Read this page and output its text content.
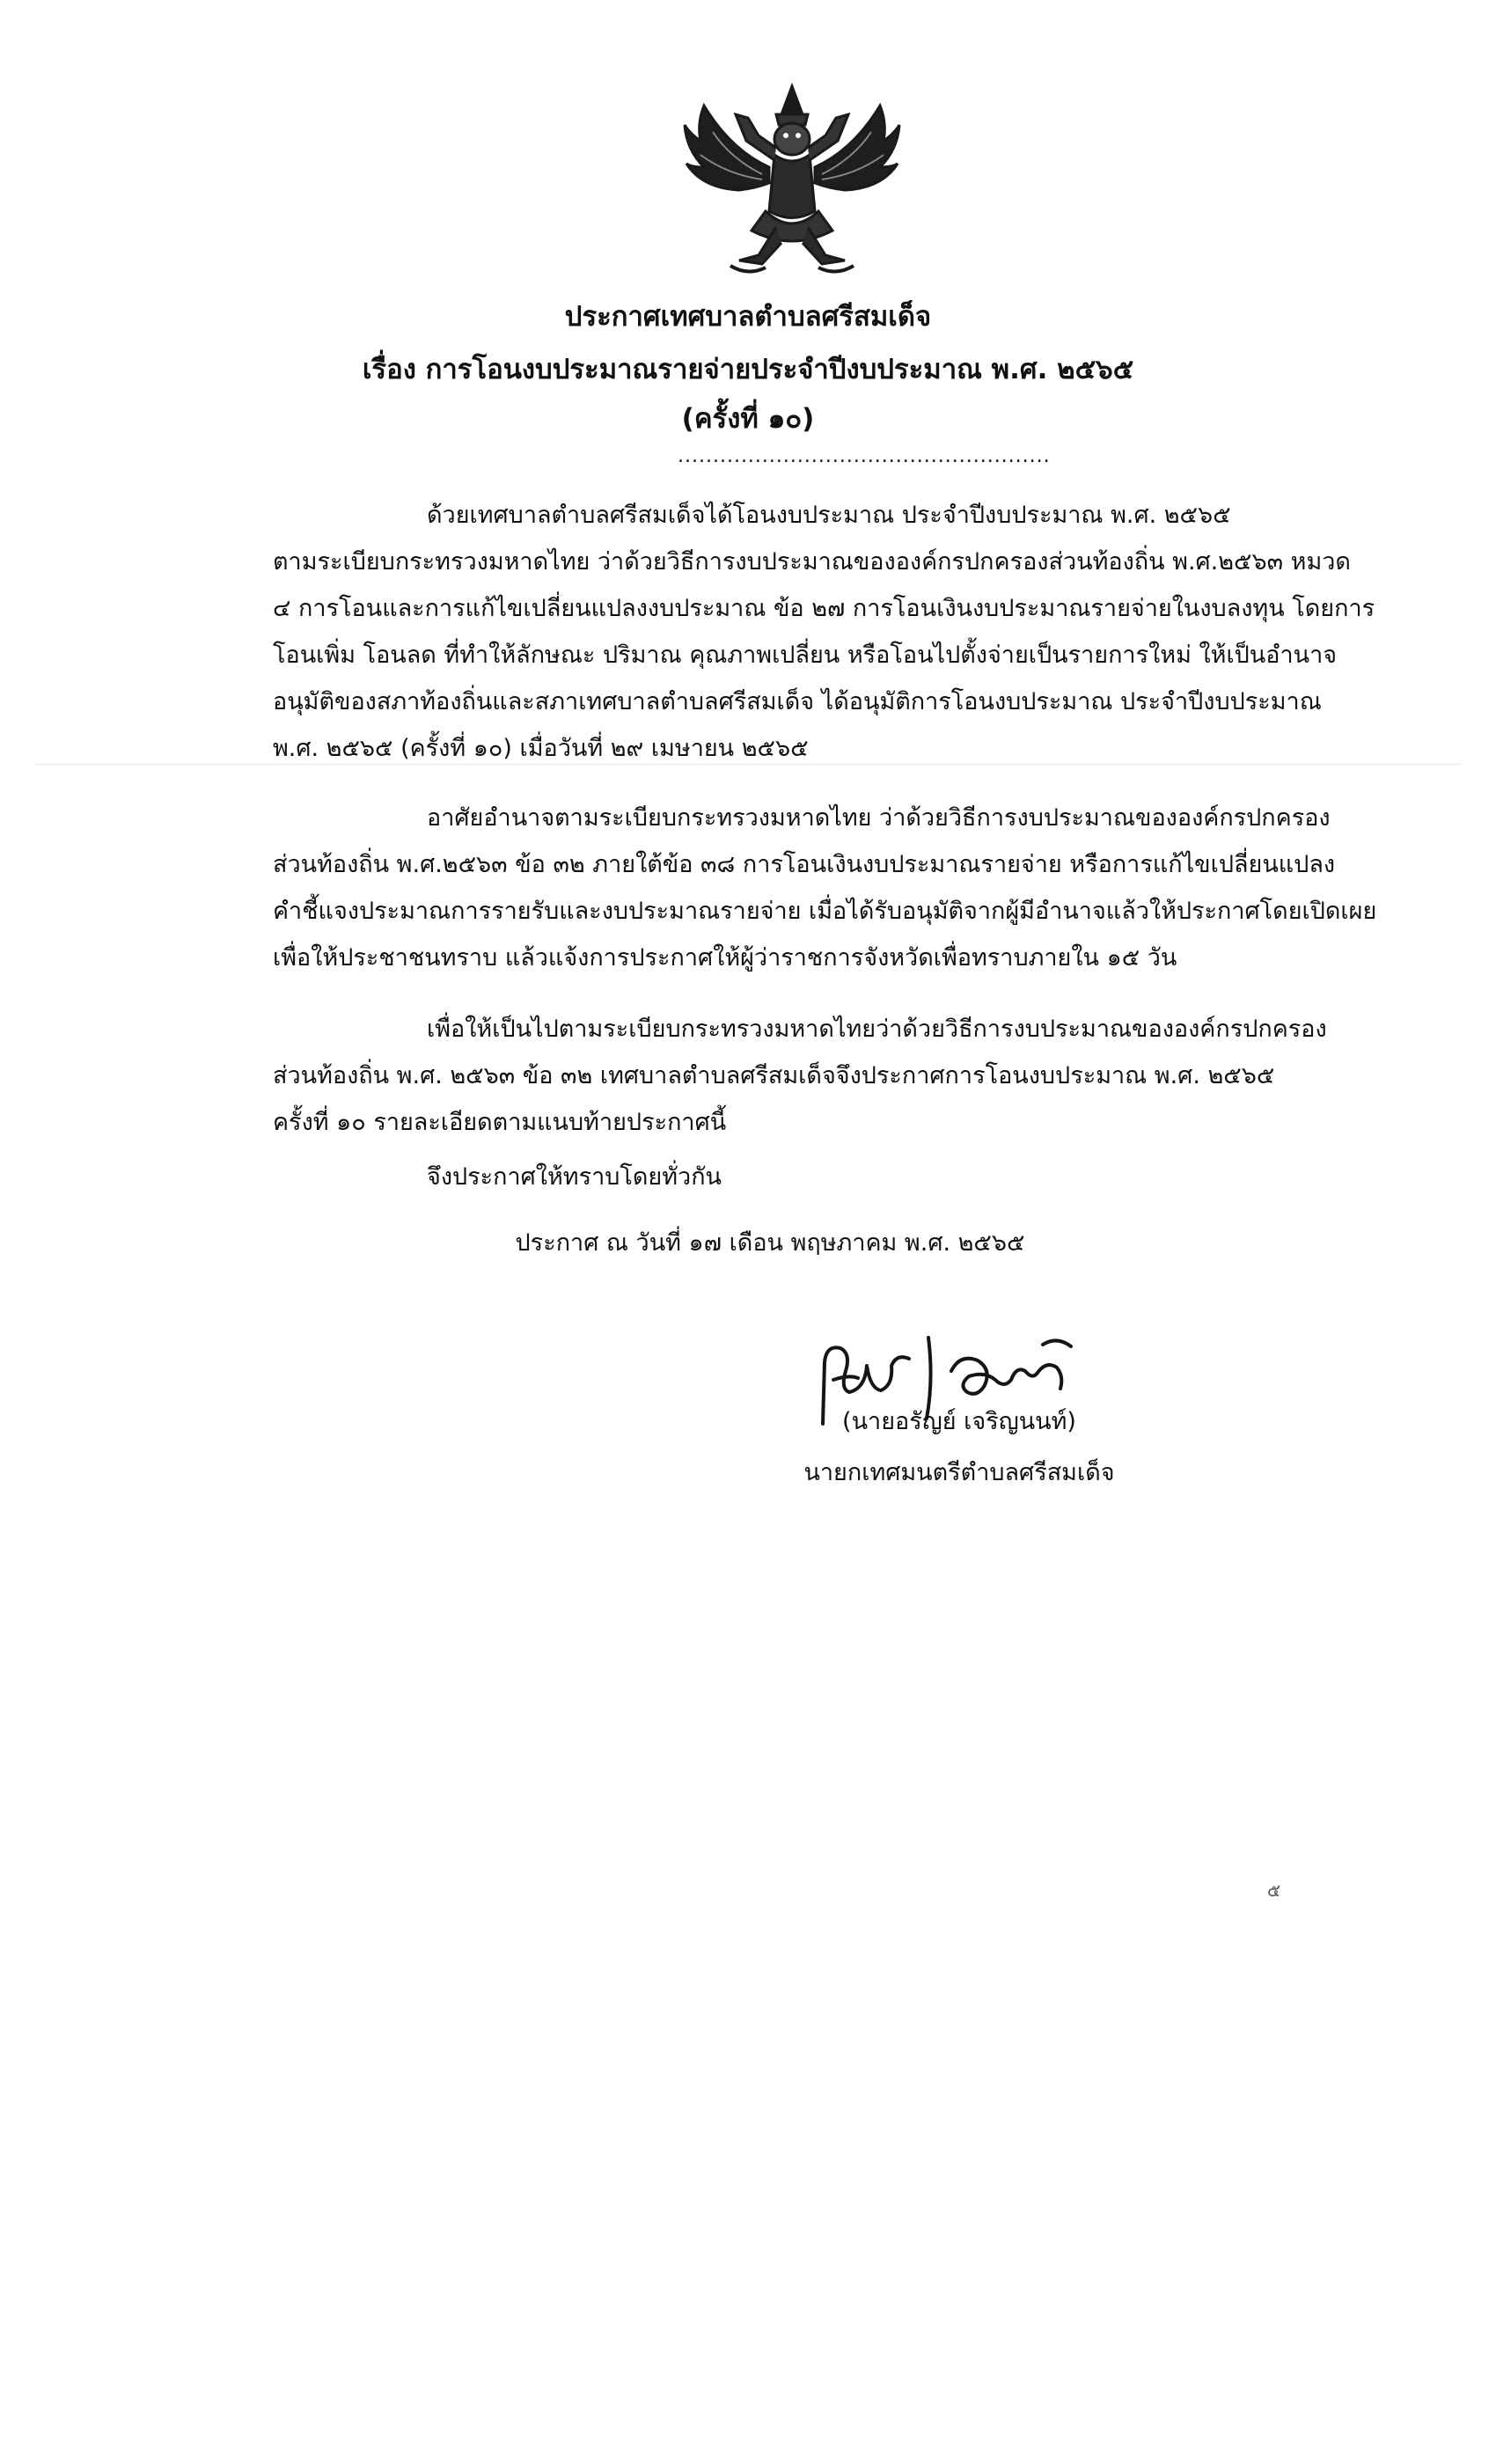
ประกาศเทศบาลตำบลศรีสมเด็จ
เรื่อง การโอนงบประมาณรายจ่ายประจำปีงบประมาณ พ.ศ. ๒๕๖๕
(ครั้งที่ ๑๐)
.....................................................
ด้วยเทศบาลตำบลศรีสมเด็จได้โอนงบประมาณ ประจำปีงบประมาณ พ.ศ. ๒๕๖๕
ตามระเบียบกระทรวงมหาดไทย ว่าด้วยวิธีการงบประมาณขององค์กรปกครองส่วนท้องถิ่น พ.ศ.๒๕๖๓ หมวด
๔ การโอนและการแก้ไขเปลี่ยนแปลงงบประมาณ ข้อ ๒๗ การโอนเงินงบประมาณรายจ่ายในงบลงทุน โดยการ
โอนเพิ่ม โอนลด ที่ทำให้ลักษณะ ปริมาณ คุณภาพเปลี่ยน หรือโอนไปตั้งจ่ายเป็นรายการใหม่ ให้เป็นอำนาจ
อนุมัติของสภาท้องถิ่นและสภาเทศบาลตำบลศรีสมเด็จ ได้อนุมัติการโอนงบประมาณ ประจำปีงบประมาณ
พ.ศ. ๒๕๖๕ (ครั้งที่ ๑๐) เมื่อวันที่ ๒๙ เมษายน ๒๕๖๕
อาศัยอำนาจตามระเบียบกระทรวงมหาดไทย ว่าด้วยวิธีการงบประมาณขององค์กรปกครอง
ส่วนท้องถิ่น พ.ศ.๒๕๖๓ ข้อ ๓๒ ภายใต้ข้อ ๓๘ การโอนเงินงบประมาณรายจ่าย หรือการแก้ไขเปลี่ยนแปลง
คำชี้แจงประมาณการรายรับและงบประมาณรายจ่าย เมื่อได้รับอนุมัติจากผู้มีอำนาจแล้วให้ประกาศโดยเปิดเผย
เพื่อให้ประชาชนทราบ แล้วแจ้งการประกาศให้ผู้ว่าราชการจังหวัดเพื่อทราบภายใน ๑๕ วัน
เพื่อให้เป็นไปตามระเบียบกระทรวงมหาดไทยว่าด้วยวิธีการงบประมาณขององค์กรปกครอง
ส่วนท้องถิ่น พ.ศ. ๒๕๖๓ ข้อ ๓๒ เทศบาลตำบลศรีสมเด็จจึงประกาศการโอนงบประมาณ พ.ศ. ๒๕๖๕
ครั้งที่ ๑๐ รายละเอียดตามแนบท้ายประกาศนี้
จึงประกาศให้ทราบโดยทั่วกัน
ประกาศ ณ วันที่ ๑๗ เดือน พฤษภาคม พ.ศ. ๒๕๖๕
(นายอรัญย์ เจริญนนท์)
นายกเทศมนตรีตำบลศรีสมเด็จ
๕
